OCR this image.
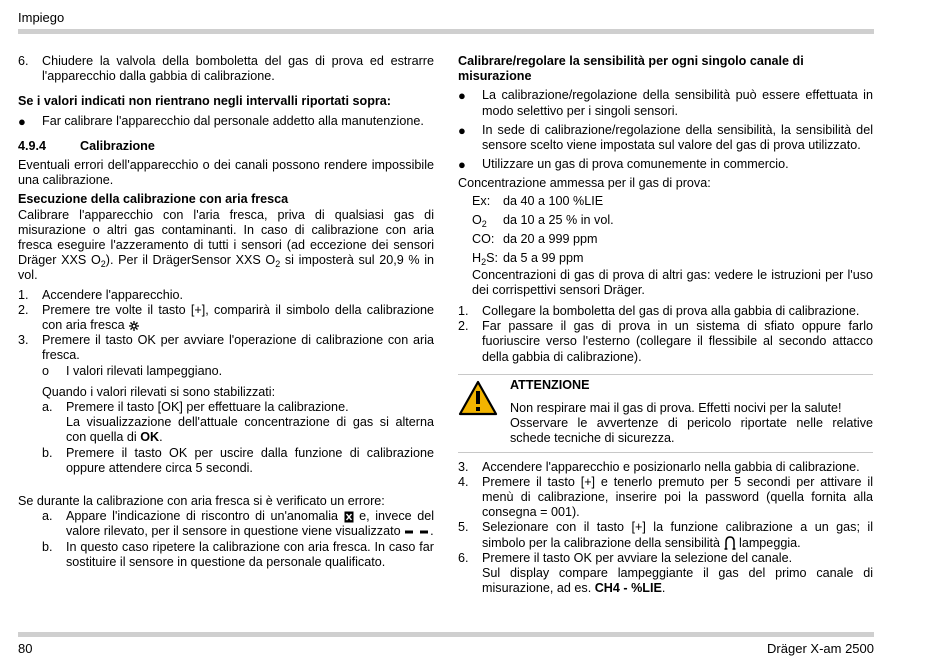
Impiego
6.	Chiudere la valvola della bomboletta del gas di prova ed estrarre l'apparecchio dalla gabbia di calibrazione.

Se i valori indicati non rientrano negli intervalli riportati sopra:

●	Far calibrare l'apparecchio dal personale addetto alla manutenzione.
4.9.4	Calibrazione

Eventuali errori dell'apparecchio o dei canali possono rendere impossibile una calibrazione.

Esecuzione della calibrazione con aria fresca

Calibrare l'apparecchio con l'aria fresca, priva di qualsiasi gas di misurazione o altri gas contaminanti. In caso di calibrazione con aria fresca eseguire l'azzeramento di tutti i sensori (ad eccezione dei sensori Dräger XXS $O_2$). Per il DrägerSensor XXS $O_2$ si imposterà sul 20,9 % in vol.

1.	Accendere l'apparecchio.
2.	Premere tre volte il tasto [+], comparirà il simbolo della calibrazione con aria fresca
3.	Premere il tasto OK per avviare l'operazione di calibrazione con aria fresca.
o	I valori rilevati lampeggiano.

Quando i valori rilevati si sono stabilizzati:

a.	Premere il tasto [OK] per effettuare la calibrazione.
La visualizzazione dell'attuale concentrazione di gas si alterna con quella di OK.
b.	Premere il tasto OK per uscire dalla funzione di calibrazione oppure attendere circa 5 secondi.

Se durante la calibrazione con aria fresca si è verificato un errore:

a.	Appare l'indicazione di riscontro di un'anomalia e, invece del valore rilevato, per il sensore in questione viene visualizzato .
b.	In questo caso ripetere la calibrazione con aria fresca. In caso far sostituire il sensore in questione da personale qualificato.

Calibrare/regolare la sensibilità per ogni singolo canale di misurazione

●	La calibrazione/regolazione della sensibilità può essere effettuata in modo selettivo per i singoli sensori.
●	In sede di calibrazione/regolazione della sensibilità, la sensibilità del sensore scelto viene impostata sul valore del gas di prova utilizzato.
●	Utilizzare un gas di prova comunemente in commercio.

Concentrazione ammessa per il gas di prova:

Ex:	da 40 a 100 %LIE
$O_2$	da 10 a 25 % in vol.
CO: da 20 a 999 ppm
$H_2S$: da 5 a 99 ppm

Concentrazioni di gas di prova di altri gas: vedere le istruzioni per l'uso dei corrispettivi sensori Dräger.

1.	Collegare la bomboletta del gas di prova alla gabbia di calibrazione.
2.	Far passare il gas di prova in un sistema di sfiato oppure farlo fuoriuscire verso l'esterno (collegare il flessibile al secondo attacco della gabbia di calibrazione).

ATTENZIONE

Non respirare mai il gas di prova. Effetti nocivi per la salute!

Osservare le avvertenze di pericolo riportate nelle relative schede tecniche di sicurezza.

3.	Accendere l'apparecchio e posizionarlo nella gabbia di calibrazione.
4.	Premere il tasto [+] e tenerlo premuto per 5 secondi per attivare il menù di calibrazione, inserire poi la password (quella fornita alla consegna = 001).
5.	Selezionare con il tasto [+] la funzione calibrazione a un gas; il simbolo per la calibrazione della sensibilità lampeggia.
6.	Premere il tasto OK per avviare la selezione del canale.
Sul display compare lampeggiante il gas del primo canale di misurazione, ad es. CH4 - %LIE.
80	Dräger X-am 2500
